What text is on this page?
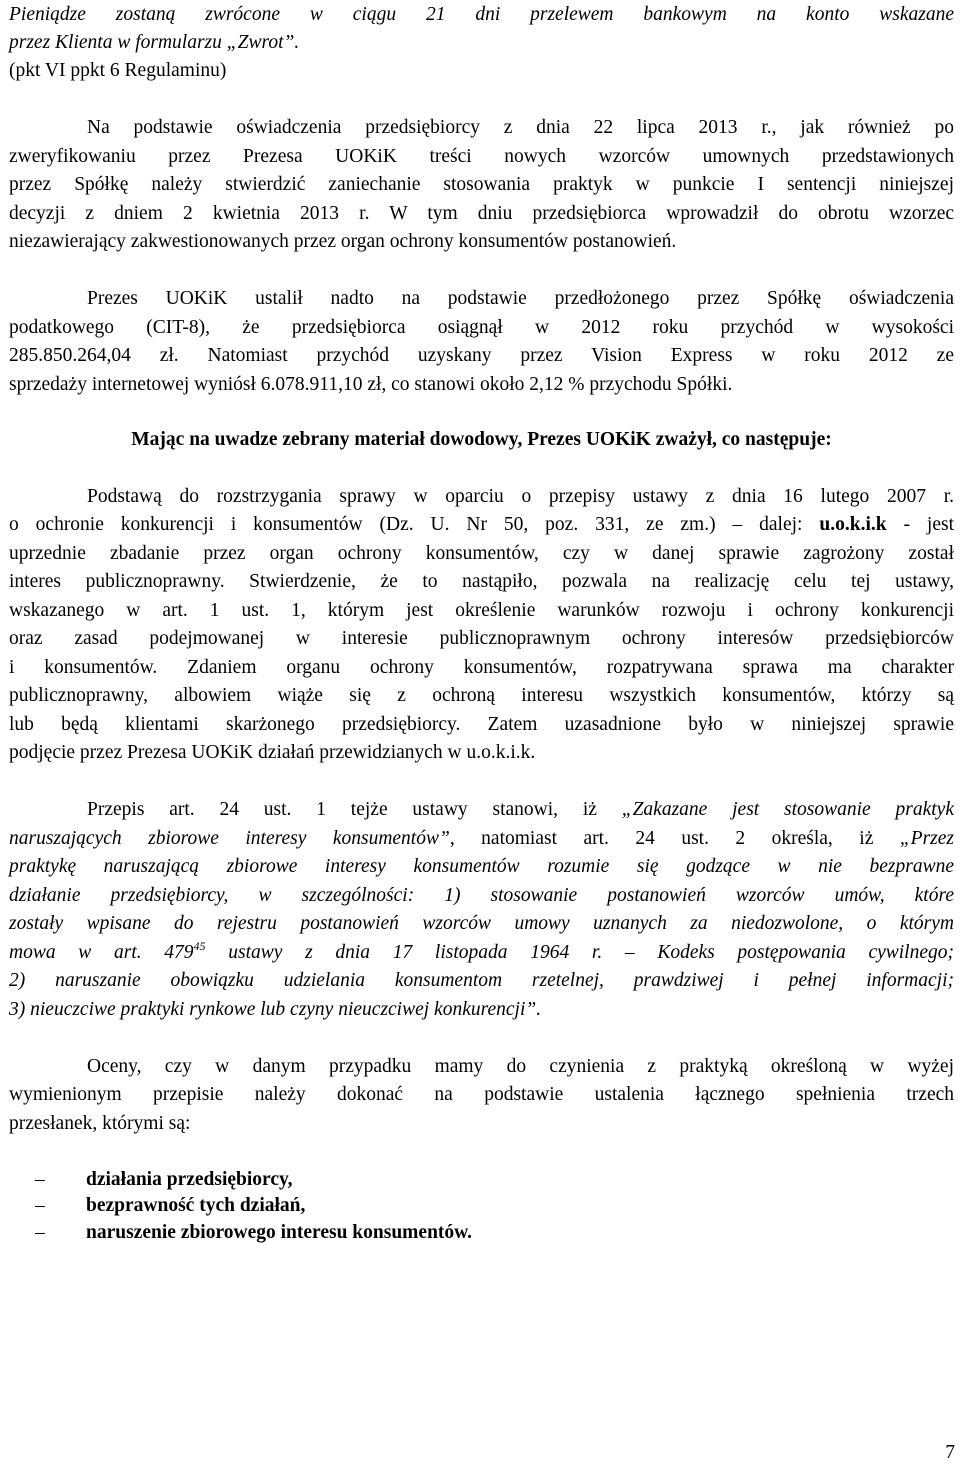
Pieniądze zostaną zwrócone w ciągu 21 dni przelewem bankowym na konto wskazane
przez Klienta w formularzu „Zwrot”.
(pkt VI ppkt 6 Regulaminu)
Na podstawie oświadczenia przedsiębiorcy z dnia 22 lipca 2013 r., jak również po
zweryfikowaniu przez Prezesa UOKiK treści nowych wzorców umownych przedstawionych
przez Spółkę należy stwierdzić zaniechanie stosowania praktyk w punkcie I sentencji niniejszej
decyzji z dniem 2 kwietnia 2013 r. W tym dniu przedsiębiorca wprowadził do obrotu wzorzec
niezawierający zakwestionowanych przez organ ochrony konsumentów postanowień.
Prezes UOKiK ustalił nadto na podstawie przedłożonego przez Spółkę oświadczenia
podatkowego (CIT-8), że przedsiębiorca osiągnął w 2012 roku przychód w wysokości
285.850.264,04 zł. Natomiast przychód uzyskany przez Vision Express w roku 2012 ze
sprzedaży internetowej wyniósł 6.078.911,10 zł, co stanowi około 2,12 % przychodu Spółki.
Mając na uwadze zebrany materiał dowodowy, Prezes UOKiK zważył, co następuje:
Podstawą do rozstrzygania sprawy w oparciu o przepisy ustawy z dnia 16 lutego 2007 r.
o ochronie konkurencji i konsumentów (Dz. U. Nr 50, poz. 331, ze zm.) – dalej: u.o.k.i.k - jest
uprzednie zbadanie przez organ ochrony konsumentów, czy w danej sprawie zagrożony został
interes publicznoprawny. Stwierdzenie, że to nastąpiło, pozwala na realizację celu tej ustawy,
wskazanego w art. 1 ust. 1, którym jest określenie warunków rozwoju i ochrony konkurencji
oraz zasad podejmowanej w interesie publicznoprawnym ochrony interesów przedsiębiorców
i konsumentów. Zdaniem organu ochrony konsumentów, rozpatrywana sprawa ma charakter
publicznoprawny, albowiem wiąże się z ochroną interesu wszystkich konsumentów, którzy są
lub będą klientami skarżonego przedsiębiorcy. Zatem uzasadnione było w niniejszej sprawie
podjęcie przez Prezesa UOKiK działań przewidzianych w u.o.k.i.k.
Przepis art. 24 ust. 1 tejże ustawy stanowi, iż „Zakazane jest stosowanie praktyk
naruszających zbiorowe interesy konsumentów”, natomiast art. 24 ust. 2 określa, iż „Przez
praktykę naruszającą zbiorowe interesy konsumentów rozumie się godzące w nie bezprawne
działanie przedsiębiorcy, w szczególności: 1) stosowanie postanowień wzorców umów, które
zostały wpisane do rejestru postanowień wzorców umowy uznanych za niedozwolone, o którym
mowa w art. $479^{45}$ ustawy z dnia 17 listopada 1964 r. – Kodeks postępowania cywilnego;
2) naruszanie obowiązku udzielania konsumentom rzetelnej, prawdziwej i pełnej informacji;
3) nieuczciwe praktyki rynkowe lub czyny nieuczciwej konkurencji”.
Oceny, czy w danym przypadku mamy do czynienia z praktyką określoną w wyżej
wymienionym przepisie należy dokonać na podstawie ustalenia łącznego spełnienia trzech
przesłanek, którymi są:
–	działania przedsiębiorcy,
–	bezprawność tych działań,
–	naruszenie zbiorowego interesu konsumentów.
7
